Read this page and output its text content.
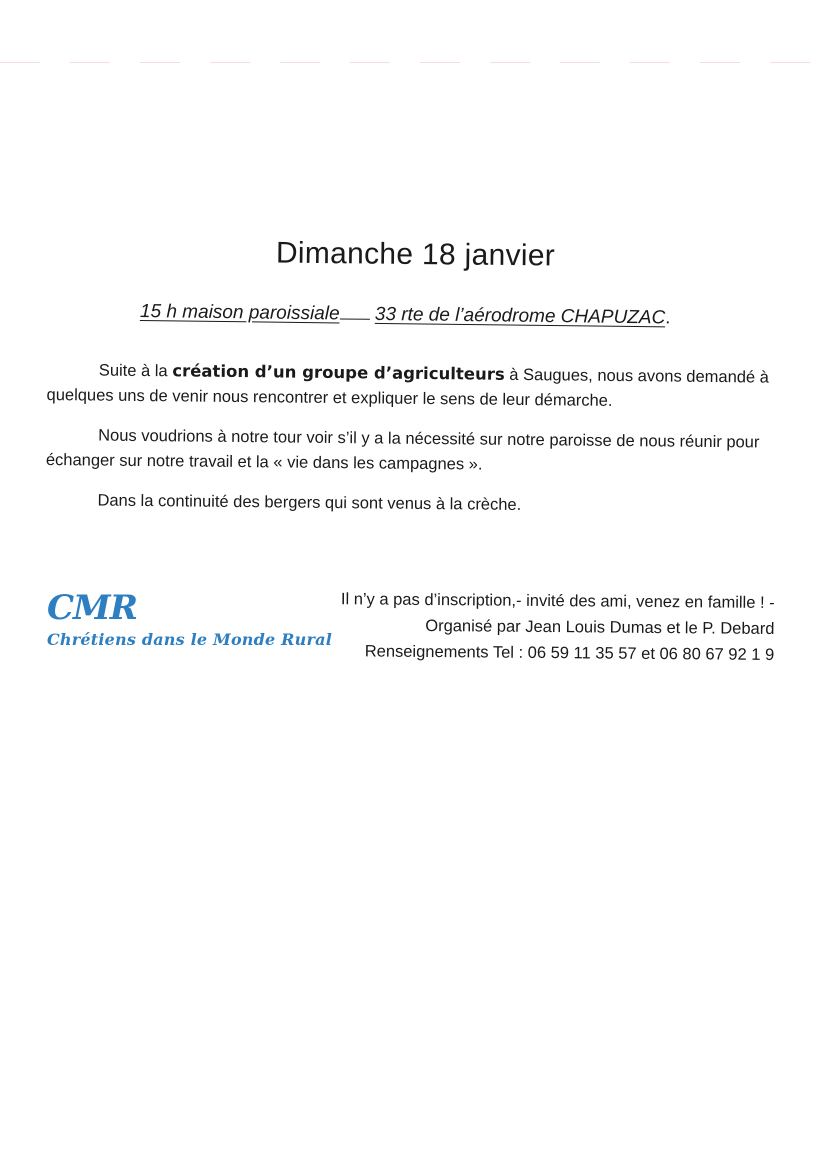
Dimanche 18 janvier
15 h maison paroissiale 33 rte de l’aérodrome CHAPUZAC.

Suite à la création d’un groupe d’agriculteurs à Saugues, nous avons demandé à quelques uns de venir nous rencontrer et expliquer le sens de leur démarche.

Nous voudrions à notre tour voir s’il y a la nécessité sur notre paroisse de nous réunir pour échanger sur notre travail et la « vie dans les campagnes ».

Dans la continuité des bergers qui sont venus à la crèche.

CMR
Chrétiens dans le Monde Rural
Il n’y a pas d’inscription,- invité des ami, venez en famille ! -
Organisé par Jean Louis Dumas et le P. Debard
Renseignements Tel : 06 59 11 35 57 et 06 80 67 92 1 9
